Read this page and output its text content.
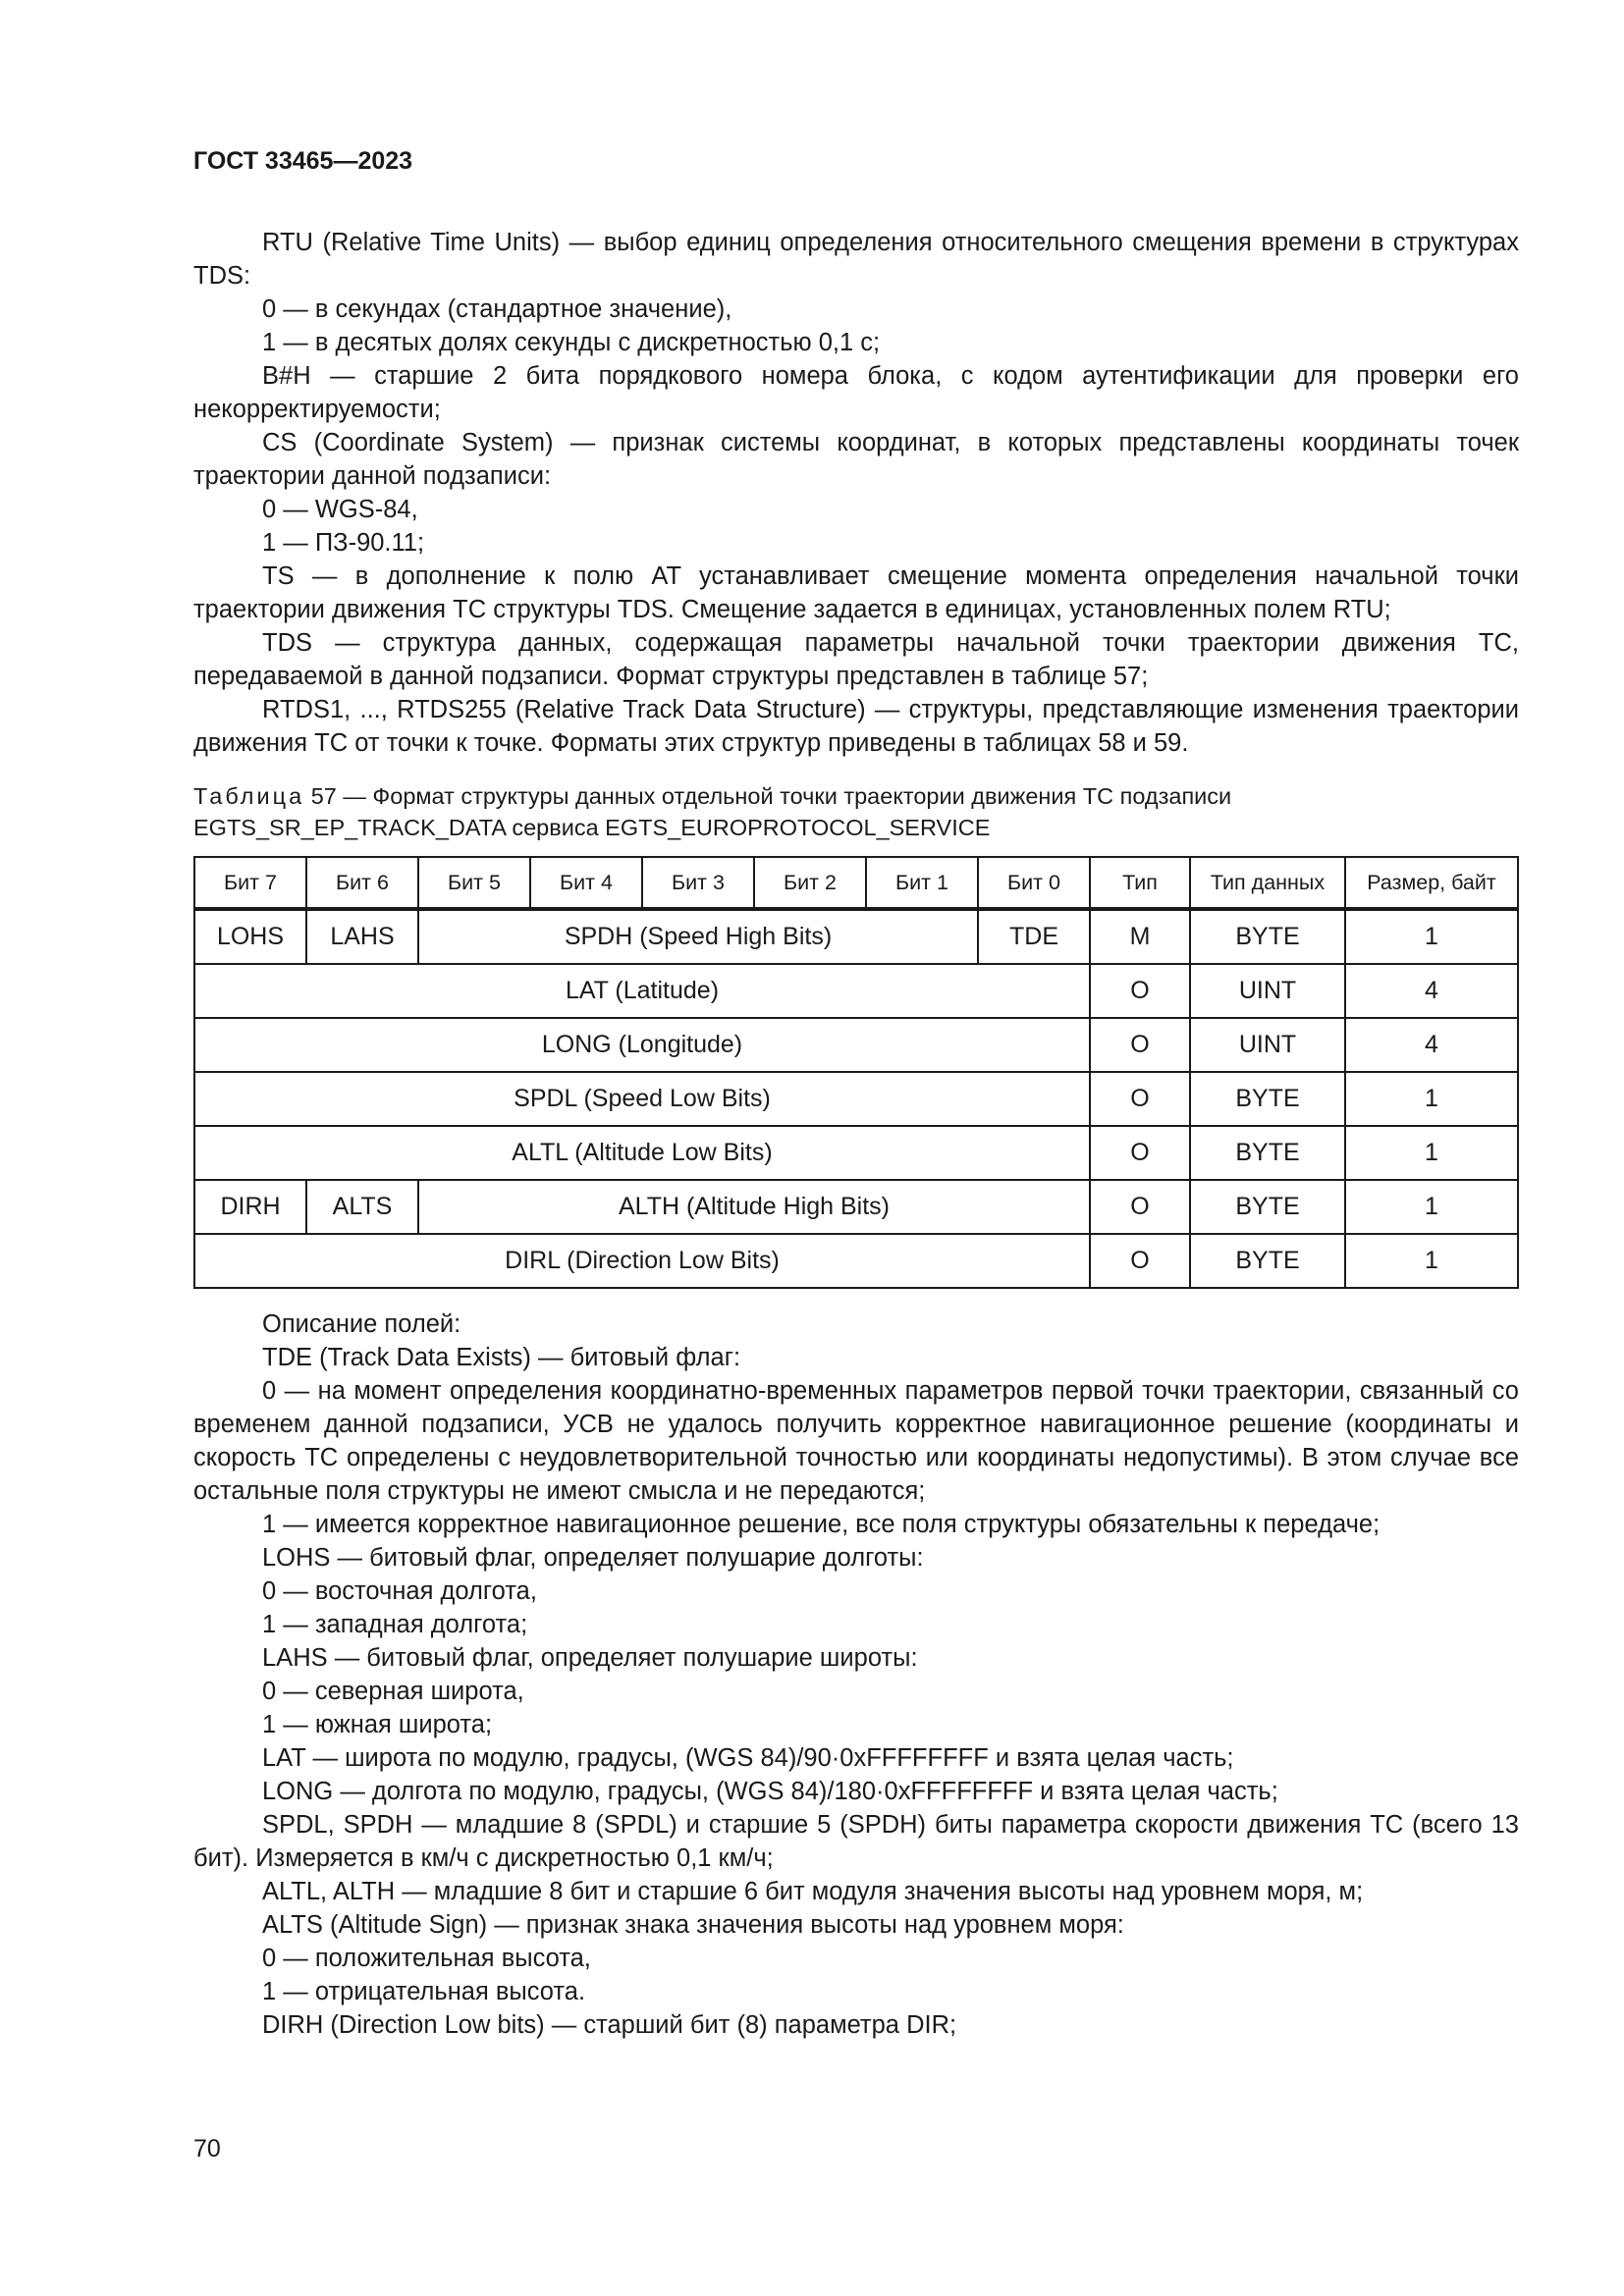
ГОСТ 33465—2023

RTU (Relative Time Units) — выбор единиц определения относительного смещения времени в структурах TDS:

0 — в секундах (стандартное значение),

1 — в десятых долях секунды с дискретностью 0,1 с;

B#H — старшие 2 бита порядкового номера блока, с кодом аутентификации для проверки его некорректируемости;

CS (Coordinate System) — признак системы координат, в которых представлены координаты точек траектории данной подзаписи:

0 — WGS-84,

1 — ПЗ-90.11;

TS — в дополнение к полю AT устанавливает смещение момента определения начальной точки траектории движения ТС структуры TDS. Смещение задается в единицах, установленных полем RTU;

TDS — структура данных, содержащая параметры начальной точки траектории движения ТС, передаваемой в данной подзаписи. Формат структуры представлен в таблице 57;

RTDS1, ..., RTDS255 (Relative Track Data Structure) — структуры, представляющие изменения траектории движения ТС от точки к точке. Форматы этих структур приведены в таблицах 58 и 59.

Таблица 57 — Формат структуры данных отдельной точки траектории движения ТС подзаписи EGTS_SR_EP_TRACK_DATA сервиса EGTS_EUROPROTOCOL_SERVICE
Бит 7	Бит 6	Бит 5	Бит 4	Бит 3	Бит 2	Бит 1	Бит 0	Тип	Тип данных	Размер, байт
LOHS	LAHS	SPDH (Speed High Bits)					TDE	M	BYTE	1
LAT (Latitude)								O	UINT	4
LONG (Longitude)								O	UINT	4
SPDL (Speed Low Bits)								O	BYTE	1
ALTL (Altitude Low Bits)								O	BYTE	1
DIRH	ALTS	ALTH (Altitude High Bits)						O	BYTE	1
DIRL (Direction Low Bits)								O	BYTE	1

Описание полей:

TDE (Track Data Exists) — битовый флаг:

0 — на момент определения координатно-временных параметров первой точки траектории, связанный со временем данной подзаписи, УСВ не удалось получить корректное навигационное решение (координаты и скорость ТС определены с неудовлетворительной точностью или координаты недопустимы). В этом случае все остальные поля структуры не имеют смысла и не передаются;

1 — имеется корректное навигационное решение, все поля структуры обязательны к передаче;

LOHS — битовый флаг, определяет полушарие долготы:

0 — восточная долгота,

1 — западная долгота;

LAHS — битовый флаг, определяет полушарие широты:

0 — северная широта,

1 — южная широта;

LAT — широта по модулю, градусы, (WGS 84)/90·0xFFFFFFFF и взята целая часть;

LONG — долгота по модулю, градусы, (WGS 84)/180·0xFFFFFFFF и взята целая часть;

SPDL, SPDH — младшие 8 (SPDL) и старшие 5 (SPDH) биты параметра скорости движения ТС (всего 13 бит). Измеряется в км/ч с дискретностью 0,1 км/ч;

ALTL, ALTH — младшие 8 бит и старшие 6 бит модуля значения высоты над уровнем моря, м;

ALTS (Altitude Sign) — признак знака значения высоты над уровнем моря:

0 — положительная высота,

1 — отрицательная высота.

DIRH (Direction Low bits) — старший бит (8) параметра DIR;

70
